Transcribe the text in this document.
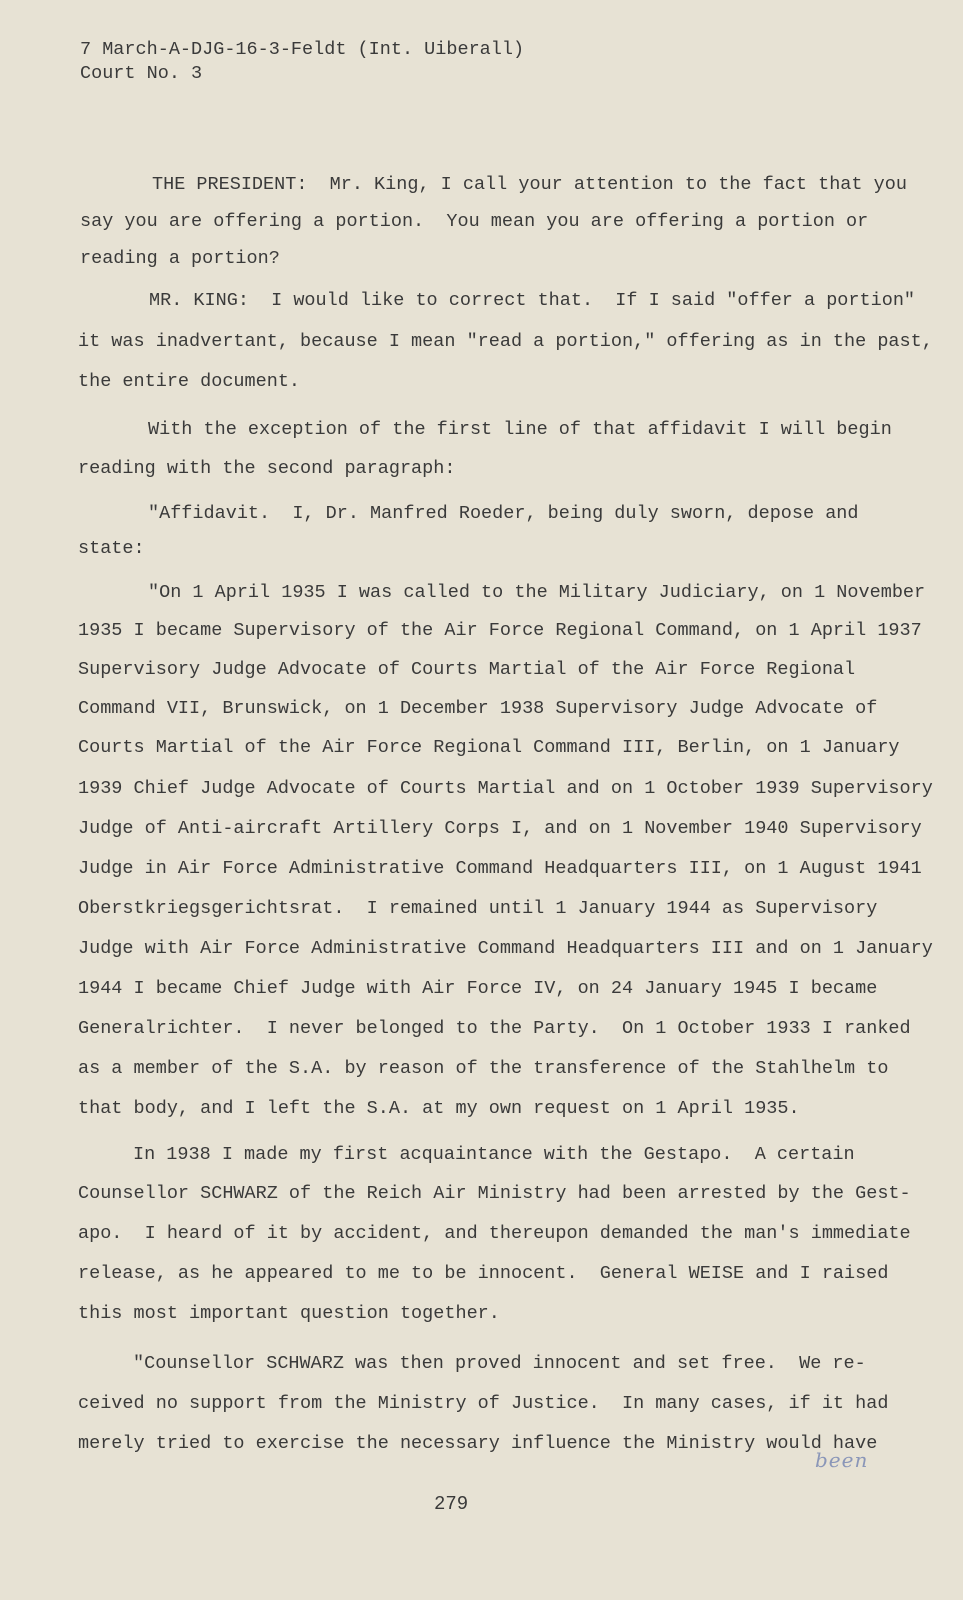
7 March-A-DJG-16-3-Feldt (Int. Uiberall)
Court No. 3
THE PRESIDENT:  Mr. King, I call your attention to the fact that you
say you are offering a portion.  You mean you are offering a portion or
reading a portion?
MR. KING:  I would like to correct that.  If I said "offer a portion"
it was inadvertant, because I mean "read a portion," offering as in the past,
the entire document.
With the exception of the first line of that affidavit I will begin
reading with the second paragraph:
"Affidavit.  I, Dr. Manfred Roeder, being duly sworn, depose and
state:
"On 1 April 1935 I was called to the Military Judiciary, on 1 November
1935 I became Supervisory of the Air Force Regional Command, on 1 April 1937
Supervisory Judge Advocate of Courts Martial of the Air Force Regional
Command VII, Brunswick, on 1 December 1938 Supervisory Judge Advocate of
Courts Martial of the Air Force Regional Command III, Berlin, on 1 January
1939 Chief Judge Advocate of Courts Martial and on 1 October 1939 Supervisory
Judge of Anti-aircraft Artillery Corps I, and on 1 November 1940 Supervisory
Judge in Air Force Administrative Command Headquarters III, on 1 August 1941
Oberstkriegsgerichtsrat.  I remained until 1 January 1944 as Supervisory
Judge with Air Force Administrative Command Headquarters III and on 1 January
1944 I became Chief Judge with Air Force IV, on 24 January 1945 I became
Generalrichter.  I never belonged to the Party.  On 1 October 1933 I ranked
as a member of the S.A. by reason of the transference of the Stahlhelm to
that body, and I left the S.A. at my own request on 1 April 1935.
In 1938 I made my first acquaintance with the Gestapo.  A certain
Counsellor SCHWARZ of the Reich Air Ministry had been arrested by the Gest-
apo.  I heard of it by accident, and thereupon demanded the man's immediate
release, as he appeared to me to be innocent.  General WEISE and I raised
this most important question together.
"Counsellor SCHWARZ was then proved innocent and set free.  We re-
ceived no support from the Ministry of Justice.  In many cases, if it had
merely tried to exercise the necessary influence the Ministry would have
been
279
